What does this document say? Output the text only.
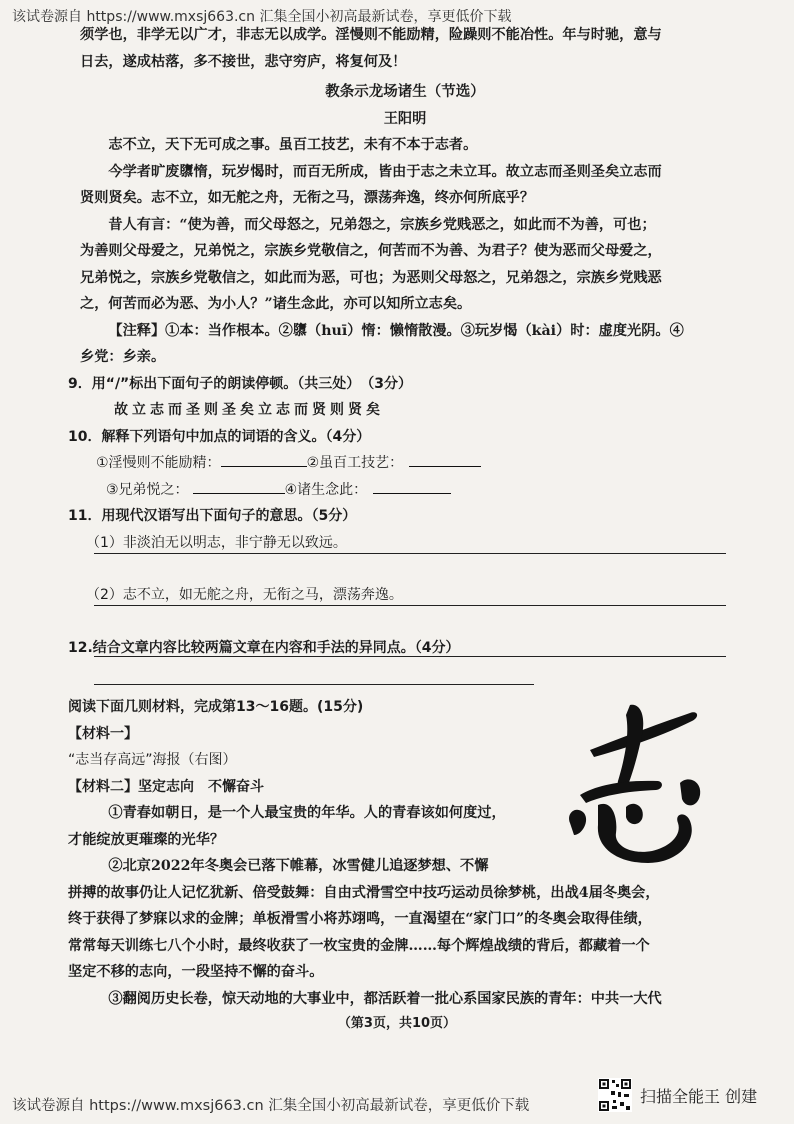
该试卷源自 https://www.mxsj663.cn 汇集全国小初高最新试卷，享更低价下载

须学也，非学无以广才，非志无以成学。淫慢则不能励精，险躁则不能冶性。年与时驰，意与

日去，遂成枯落，多不接世，悲守穷庐，将复何及！

教条示龙场诸生（节选）

王阳明

志不立，天下无可成之事。虽百工技艺，未有不本于志者。

今学者旷废隳惰，玩岁愒时，而百无所成，皆由于志之未立耳。故立志而圣则圣矣立志而

贤则贤矣。志不立，如无舵之舟，无衔之马，漂荡奔逸，终亦何所底乎？

昔人有言：“使为善，而父母怒之，兄弟怨之，宗族乡党贱恶之，如此而不为善，可也；

为善则父母爱之，兄弟悦之，宗族乡党敬信之，何苦而不为善、为君子？使为恶而父母爱之，

兄弟悦之，宗族乡党敬信之，如此而为恶，可也；为恶则父母怒之，兄弟怨之，宗族乡党贱恶

之，何苦而必为恶、为小人？”诸生念此，亦可以知所立志矣。

【注释】①本：当作根本。②隳（huī）惰：懒惰散漫。③玩岁愒（kài）时：虚度光阴。④

乡党：乡亲。

9．用“/”标出下面句子的朗读停顿。（共三处）　（3分）

故立志而圣则圣矣立志而贤则贤矣

10．解释下列语句中加点的词语的含义。（4分）

①淫慢则不能励精：	②虽百工技艺：

③兄弟悦之：	④诸生念此：

11．用现代汉语写出下面句子的意思。（5分）

（1）非淡泊无以明志，非宁静无以致远。

（2）志不立，如无舵之舟，无衔之马，漂荡奔逸。

12.结合文章内容比较两篇文章在内容和手法的异同点。（4分）

阅读下面几则材料，完成第13～16题。(15分)

【材料一】

“志当存高远”海报（右图）

【材料二】坚定志向　不懈奋斗

①青春如朝日，是一个人最宝贵的年华。人的青春该如何度过，

才能绽放更璀璨的光华？

②北京2022年冬奥会已落下帷幕，冰雪健儿追逐梦想、不懈

拼搏的故事仍让人记忆犹新、倍受鼓舞：自由式滑雪空中技巧运动员徐梦桃，出战4届冬奥会，

终于获得了梦寐以求的金牌；单板滑雪小将苏翊鸣，一直渴望在“家门口”的冬奥会取得佳绩，

常常每天训练七八个小时，最终收获了一枚宝贵的金牌……每个辉煌战绩的背后，都藏着一个

坚定不移的志向，一段坚持不懈的奋斗。

③翻阅历史长卷，惊天动地的大事业中，都活跃着一批心系国家民族的青年：中共一大代

（第3页，共10页）
该试卷源自 https://www.mxsj663.cn 汇集全国小初高最新试卷，享更低价下载	扫描全能王 创建
